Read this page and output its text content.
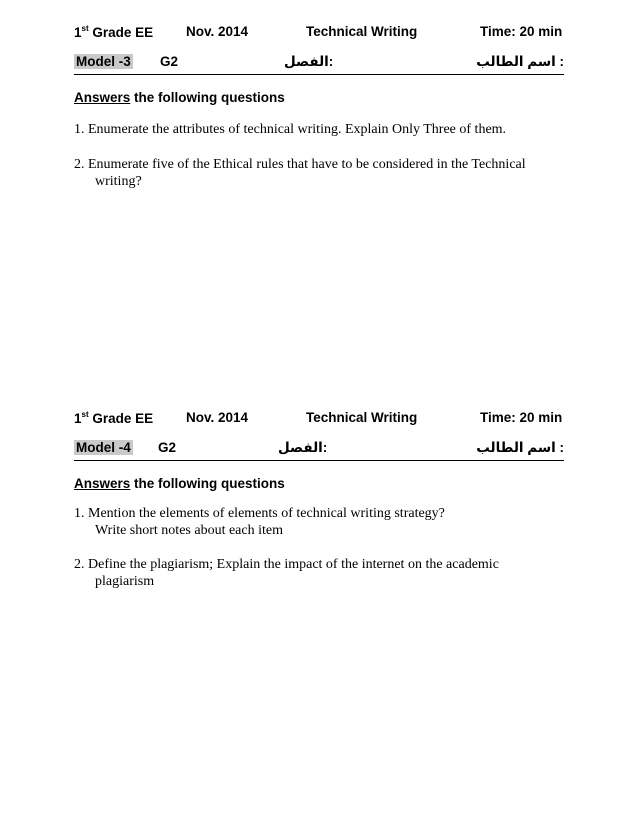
1st Grade EE Nov. 2014	Technical Writing	Time: 20 min
Model -3 G2	:الفصل	: اسم الطالب
Answers the following questions
1. Enumerate the attributes of technical writing. Explain Only Three of them.
2. Enumerate five of the Ethical rules that have to be considered in the Technical
writing?
1st Grade EE Nov. 2014	Technical Writing	Time: 20 min
Model -4 G2	:الفصل	: اسم الطالب
Answers the following questions
1. Mention the elements of elements of technical writing strategy?
Write short notes about each item
2. Define the plagiarism; Explain the impact of the internet on the academic
plagiarism
